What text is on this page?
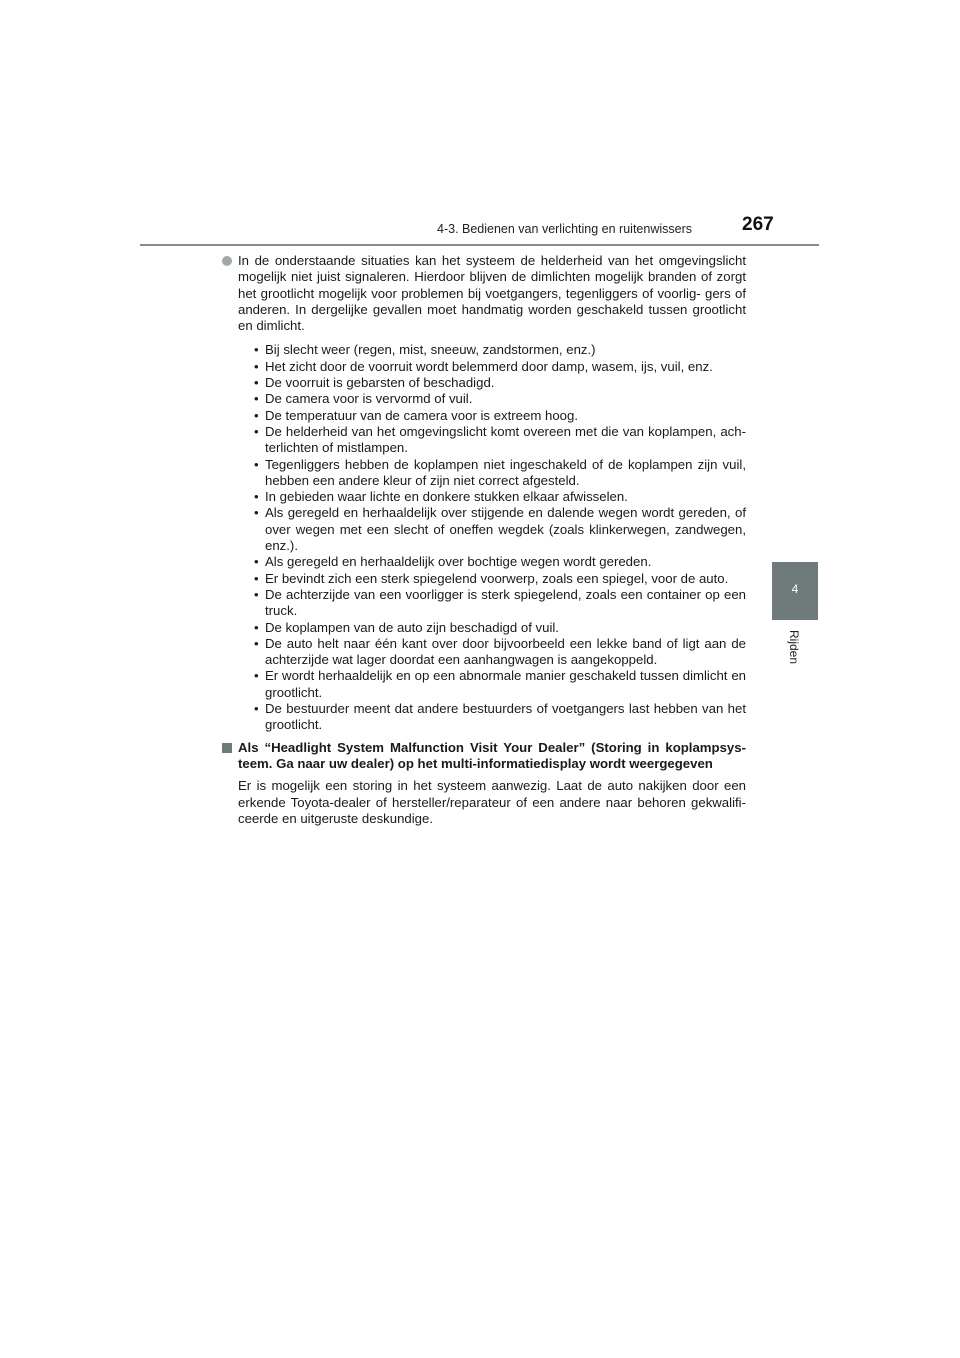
4-3. Bedienen van verlichting en ruitenwissers	267
4
Rijden
In de onderstaande situaties kan het systeem de helderheid van het omgevingslicht mogelijk niet juist signaleren. Hierdoor blijven de dimlichten mogelijk branden of zorgt het grootlicht mogelijk voor problemen bij voetgangers, tegenliggers of voorlig- gers of anderen. In dergelijke gevallen moet handmatig worden geschakeld tussen grootlicht en dimlicht.
• Bij slecht weer (regen, mist, sneeuw, zandstormen, enz.)
• Het zicht door de voorruit wordt belemmerd door damp, wasem, ijs, vuil, enz.
• De voorruit is gebarsten of beschadigd.
• De camera voor is vervormd of vuil.
• De temperatuur van de camera voor is extreem hoog.
• De helderheid van het omgevingslicht komt overeen met die van koplampen, ach- terlichten of mistlampen.
• Tegenliggers hebben de koplampen niet ingeschakeld of de koplampen zijn vuil, hebben een andere kleur of zijn niet correct afgesteld.
• In gebieden waar lichte en donkere stukken elkaar afwisselen.
• Als geregeld en herhaaldelijk over stijgende en dalende wegen wordt gereden, of over wegen met een slecht of oneffen wegdek (zoals klinkerwegen, zandwegen, enz.).
• Als geregeld en herhaaldelijk over bochtige wegen wordt gereden.
• Er bevindt zich een sterk spiegelend voorwerp, zoals een spiegel, voor de auto.
• De achterzijde van een voorligger is sterk spiegelend, zoals een container op een truck.
• De koplampen van de auto zijn beschadigd of vuil.
• De auto helt naar één kant over door bijvoorbeeld een lekke band of ligt aan de achterzijde wat lager doordat een aanhangwagen is aangekoppeld.
• Er wordt herhaaldelijk en op een abnormale manier geschakeld tussen dimlicht en grootlicht.
• De bestuurder meent dat andere bestuurders of voetgangers last hebben van het grootlicht.
Als “Headlight System Malfunction Visit Your Dealer” (Storing in koplampsys- teem. Ga naar uw dealer) op het multi-informatiedisplay wordt weergegeven
Er is mogelijk een storing in het systeem aanwezig. Laat de auto nakijken door een erkende Toyota-dealer of hersteller/reparateur of een andere naar behoren gekwalifi- ceerde en uitgeruste deskundige.
